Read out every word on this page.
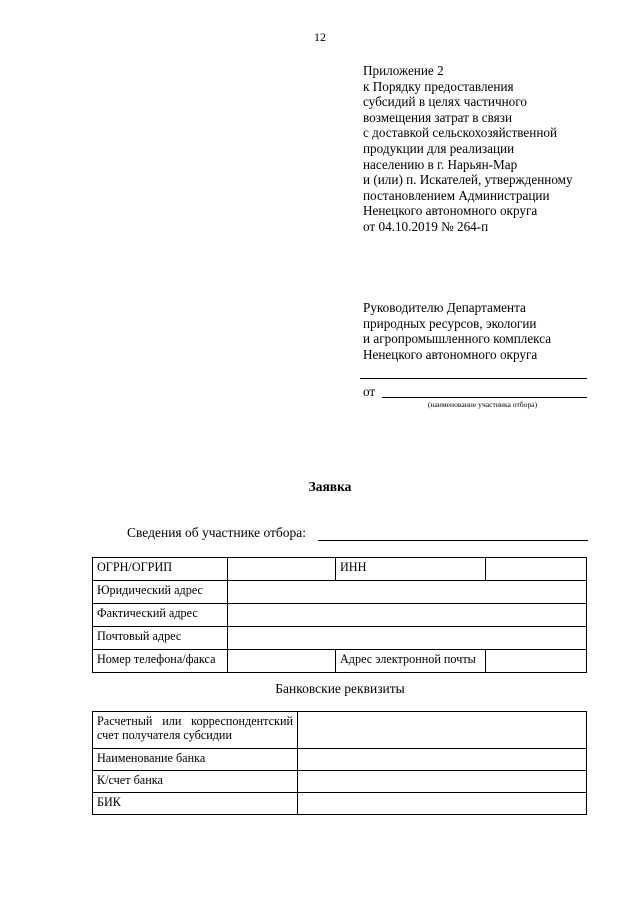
12
Приложение 2
к Порядку предоставления
субсидий в целях частичного
возмещения затрат в связи
с доставкой сельскохозяйственной
продукции для реализации
населению в г. Нарьян-Мар
и (или) п. Искателей, утвержденному
постановлением Администрации
Ненецкого автономного округа
от 04.10.2019 № 264-п
Руководителю Департамента
природных ресурсов, экологии
и агропромышленного комплекса
Ненецкого автономного округа
от
(наименование участника отбора)
Заявка
Сведения об участнике отбора:
ОГРН/ОГРИП		ИНН	
Юридический адрес			
Фактический адрес			
Почтовый адрес			
Номер телефона/факса		Адрес электронной почты	
Банковские реквизиты
Расчетный или корреспондентский
счет получателя субсидии	
Наименование банка	
К/счет банка	
БИК	
